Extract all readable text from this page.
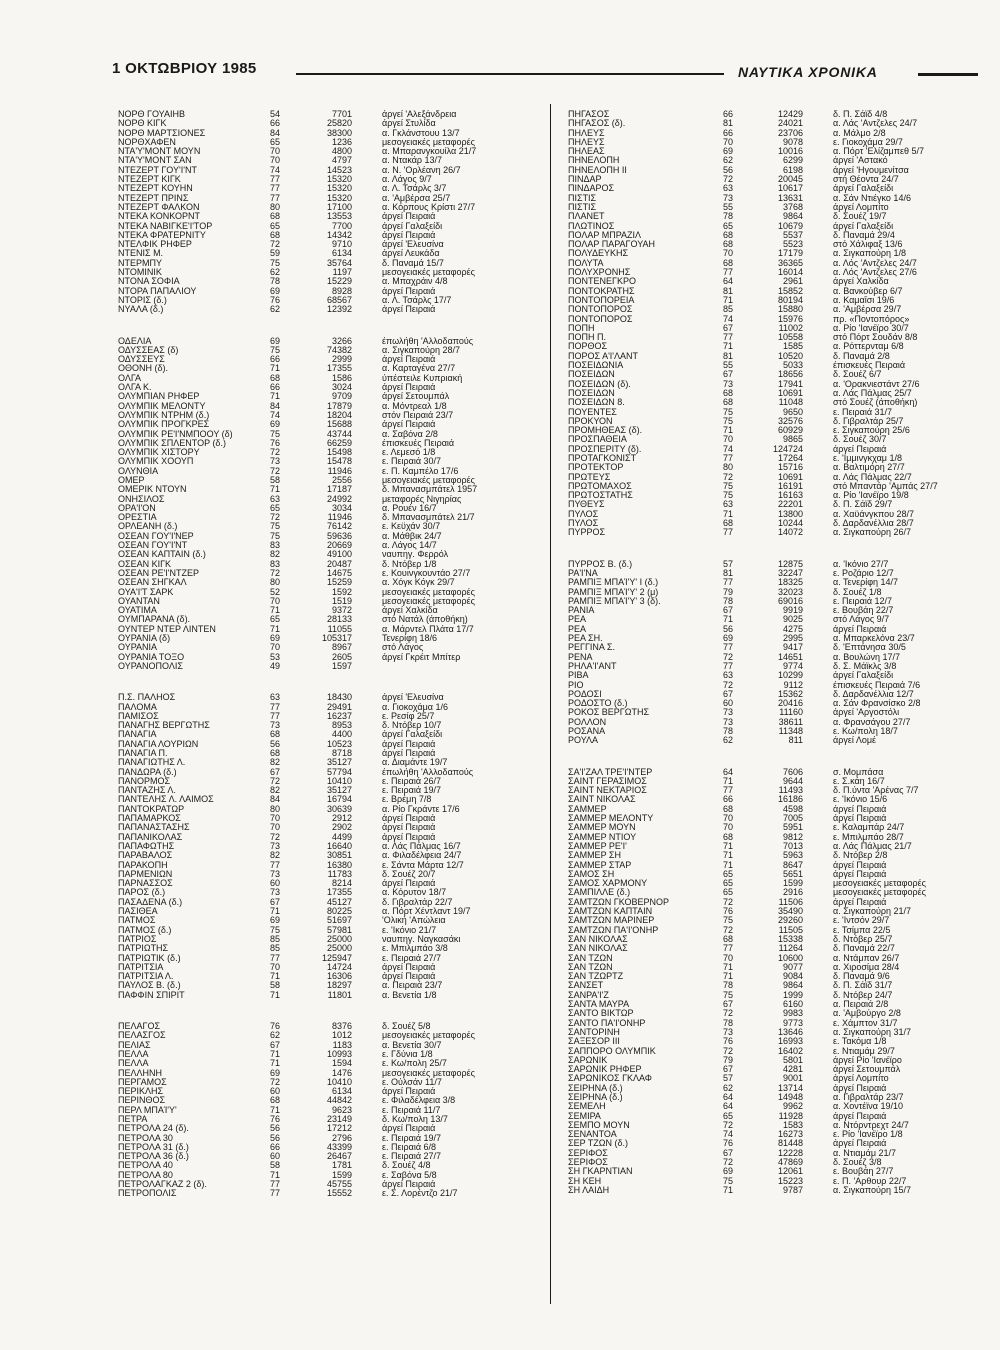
1 ΟΚΤΩΒΡΙΟΥ 1985	ΝΑΥΤΙΚΑ ΧΡΟΝΙΚΑ
ΝΟΡΘ ΓΟΥΑΙΗΒ	54	7701	άργεί 'Αλεξάνδρεια
ΝΟΡΘ ΚΙΓΚ	66	25820	άργεί Στυλίδα
ΝΟΡΘ ΜΑΡΤΣΙΟΝΕΣ	84	38300	α. Γκλάνστουυ 13/7
ΝΟΡΘΧΑΦΕΝ	65	1236	μεσογειακές μεταφορές
ΝΤΑ'Υ'ΜΟΝΤ ΜΟΥΝ	70	4800	α. Μπαρανγκουίλα 21/7
ΝΤΑ'Υ'ΜΟΝΤ ΣΑΝ	70	4797	α. Ντακάρ 13/7
ΝΤΕΖΕΡΤ ΓΟΥ'Ι'ΝΤ	74	14523	α. Ν. 'Ορλέανη 26/7
ΝΤΕΖΕΡΤ ΚΙΓΚ	77	15320	α. Λάγος 9/7
ΝΤΕΖΕΡΤ ΚΟΥΗΝ	77	15320	α. Λ. Τσάρλς 3/7
ΝΤΕΖΕΡΤ ΠΡΙΝΣ	77	15320	α. 'Αμβέρσα 25/7
ΝΤΕΖΕΡΤ ΦΑΛΚΟΝ	80	17100	α. Κόρπους Κρίστι 27/7
ΝΤΕΚΑ ΚΟΝΚΟΡΝΤ	68	13553	άργεί Πειραιά
ΝΤΕΚΑ ΝΑΒΙΓΚΕ'Ι'ΤΟΡ	65	7700	άργεί Γαλαξείδι
ΝΤΕΚΑ ΦΡΑΤΕΡΝΙΤΥ	68	14342	άργεί Πειραιά
ΝΤΕΛΦΙΚ ΡΗΦΕΡ	72	9710	άργεί 'Ελευσίνα
ΝΤΕΝΙΣ Μ.	59	6134	άργεί Λευκάδα
ΝΤΕΡΜΠΥ	75	35764	δ. Παναμά 15/7
ΝΤΟΜΙΝΙΚ	62	1197	μεσογειακές μεταφορές
ΝΤΟΝΑ ΣΟΦΙΑ	78	15229	α. Μπαχράιν 4/8
ΝΤΟΡΑ ΠΑΠΑΛΙΟΥ	69	8928	άργεί Πειραιά
ΝΤΟΡΙΣ (δ.)	76	68567	α. Λ. Τσάρλς 17/7
ΝΥΑΛΑ (δ.)	62	12392	άργεί Πειραιά
ΟΔΕΛΙΑ	69	3266	έπωλήθη 'Αλλοδαπούς
ΟΔΥΣΣΕΑΣ (δ)	75	74382	α. Σιγκαπούρη 28/7
ΟΔΥΣΣΕΥΣ	66	2999	άργεί Πειραιά
ΟΘΟΝΗ (δ).	71	17355	α. Καρταγένα 27/7
ΟΛΓΑ	68	1586	ύπέστειλε Κυπριακή
ΟΛΓΑ Κ.	66	3024	άργεί Πειραιά
ΟΛΥΜΠΙΑΝ ΡΗΦΕΡ	71	9709	άργεί Σετουμπάλ
ΟΛΥΜΠΙΚ ΜΕΛΟΝΤΥ	84	17879	α. Μόντρεαλ 1/8
ΟΛΥΜΠΙΚ ΝΤΡΗΜ (δ.)	74	18204	στόν Πειραιά 23/7
ΟΛΥΜΠΙΚ ΠΡΟΓΚΡΕΣ	69	15688	άργεί Πειραιά
ΟΛΥΜΠΙΚ ΡΕ'Ι'ΝΜΠΟΟΥ (δ)	75	43744	α. Σαβόνα 2/8
ΟΛΥΜΠΙΚ ΣΠΛΕΝΤΟΡ (δ.)	76	66259	έπισκευές Πειραιά
ΟΛΥΜΠΙΚ ΧΙΣΤΟΡΥ	72	15498	ε. Λεμεσό 1/8
ΟΛΥΜΠΙΚ ΧΟΟΥΠ	73	15478	ε. Πειραιά 30/7
ΟΛΥΝΘΙΑ	72	11946	ε. Π. Καμπέλο 17/6
ΟΜΕΡ	58	2556	μεσογειακές μεταφορές
ΟΜΕΡΙΚ ΝΤΟΥΝ	71	17187	δ. Μπανασμπάτελ 1957
ΟΝΗΣΙΛΟΣ	63	24992	μεταφορές Νιγηρίας
ΟΡΑ'Ι'ΟΝ	65	3034	α. Ρουέν 16/7
ΟΡΕΣΤΙΑ	72	11946	δ. Μπανασμπάτελ 21/7
ΟΡΛΕΑΝΗ (δ.)	75	76142	ε. Κεϋχάν 30/7
ΟΣΕΑΝ ΓΟΥ'Ι'ΝΕΡ	75	59636	α. Μάθβικ 24/7
ΟΣΕΑΝ ΓΟΥ'Ι'ΝΤ	83	20669	α. Λάγος 14/7
ΟΣΕΑΝ ΚΑΠΤΑΙΝ (δ.)	82	49100	ναυπηγ. Φερρόλ
ΟΣΕΑΝ ΚΙΓΚ	83	20487	δ. Ντόβερ 1/8
ΟΣΕΑΝ ΡΕ'Ι'ΝΤΖΕΡ	72	14675	ε. Κουινγκουντάο 27/7
ΟΣΕΑΝ ΣΗΓΚΑΛ	80	15259	α. Χόγκ Κόγκ 29/7
ΟΥΑ'Ι'Τ ΣΑΡΚ	52	1592	μεσογειακές μεταφορές
ΟΥΑΝΤΑΝ	70	1519	μεσογειακές μεταφορές
ΟΥΑΤΙΜΑ	71	9372	άργεί Χαλκίδα
ΟΥΜΠΑΡΑΝΑ (δ).	65	28133	στό Νατάλ (άποθήκη)
ΟΥΝΤΕΡ ΝΤΕΡ ΛΙΝΤΕΝ	71	11055	α. Μάρντελ Πλάτα 17/7
ΟΥΡΑΝΙΑ (δ)	69	105317	Τενερίφη 18/6
ΟΥΡΑΝΙΑ	70	8967	στό Λάγος
ΟΥΡΑΝΙΑ ΤΟΞΟ	53	2605	άργεί Γκρέιτ Μπίτερ
ΟΥΡΑΝΟΠΟΛΙΣ	49	1597
Π.Σ. ΠΑΛΗΟΣ	63	18430	άργεί 'Ελευσίνα
ΠΑΛΟΜΑ	77	29491	α. Γιοκοχάμα 1/6
ΠΑΜΙΣΟΣ	77	16237	ε. Ρεσίφ 25/7
ΠΑΝΑΓΗΣ ΒΕΡΓΩΤΗΣ	73	8953	δ. Ντόβερ 10/7
ΠΑΝΑΓΙΑ	68	4400	άργεί Γαλαξείδι
ΠΑΝΑΓΙΑ ΛΟΥΡΙΩΝ	56	10523	άργεί Πειραιά
ΠΑΝΑΓΙΑ Π.	68	8718	άργεί Πειραιά
ΠΑΝΑΓΙΩΤΗΣ Λ.	82	35127	α. Διαμάντε 19/7
ΠΑΝΔΩΡΑ (δ.)	67	57794	έπωλήθη 'Αλλοδαπούς
ΠΑΝΟΡΜΟΣ	72	10410	ε. Πειραιά 26/7
ΠΑΝΤΑΖΗΣ Λ.	82	35127	ε. Πειραιά 19/7
ΠΑΝΤΕΛΗΣ Λ. ΛΑΙΜΟΣ	84	16794	ε. Βρέμη 7/8
ΠΑΝΤΟΚΡΑΤΩΡ	80	30639	α. Ρίο Γκράντε 17/6
ΠΑΠΑΜΑΡΚΟΣ	70	2912	άργεί Πειραιά
ΠΑΠΑΝΑΣΤΑΣΗΣ	70	2902	άργεί Πειραιά
ΠΑΠΑΝΙΚΟΛΑΣ	72	4499	άργεί Πειραιά
ΠΑΠΑΦΩΤΗΣ	73	16640	α. Λάς Πάλμας 16/7
ΠΑΡΑΒΑΛΟΣ	82	30851	α. Φιλαδέλφεια 24/7
ΠΑΡΑΚΟΠΗ	77	16380	ε. Σάντα Μάρτα 12/7
ΠΑΡΜΕΝΙΩΝ	73	11783	δ. Σουέζ 20/7
ΠΑΡΝΑΣΣΟΣ	60	8214	άργεί Πειραιά
ΠΑΡΟΣ (δ.)	73	17355	α. Κόρυτον 18/7
ΠΑΣΑΔΕΝΑ (δ.)	67	45127	δ. Γιβραλτάρ 22/7
ΠΑΣΙΘΕΑ	71	80225	α. Πόρτ Χέντλαντ 19/7
ΠΑΤΜΟΣ	69	51697	'Ολική 'Απώλεια
ΠΑΤΜΟΣ (δ.)	75	57981	ε. 'Ικόνιο 21/7
ΠΑΤΡΙΟΣ	85	25000	ναυπηγ. Ναγκασάκι
ΠΑΤΡΙΩΤΗΣ	85	25000	ε. Μπιλμπάο 3/8
ΠΑΤΡΙΩΤΙΚ (δ.)	77	125947	ε. Πειραιά 27/7
ΠΑΤΡΙΤΣΙΑ	70	14724	άργεί Πειραιά
ΠΑΤΡΙΤΣΙΑ Λ.	71	16306	άργεί Πειραιά
ΠΑΥΛΟΣ Β. (δ.)	58	18297	α. Πειραιά 23/7
ΠΑΦΦΙΝ ΣΠΙΡΙΤ	71	11801	α. Βενετία 1/8
ΠΕΛΑΓΟΣ	76	8376	δ. Σουέζ 5/8
ΠΕΛΑΣΓΟΣ	62	1012	μεσογειακές μεταφορές
ΠΕΛΙΑΣ	67	1183	α. Βενετία 30/7
ΠΕΛΛΑ	71	10993	ε. Γδύνια 1/8
ΠΕΛΛΑ	71	1594	ε. Κω/πολη 25/7
ΠΕΛΛΗΝΗ	69	1476	μεσογειακές μεταφορές
ΠΕΡΓΑΜΟΣ	72	10410	ε. Ούλσάν 11/7
ΠΕΡΙΚΛΗΣ	60	6134	άργεί Πειραιά
ΠΕΡΙΝΘΟΣ	68	44842	ε. Φιλαδέλφεια 3/8
ΠΕΡΛ ΜΠΑΊ'Υ'	71	9623	ε. Πειραιά 11/7
ΠΕΤΡΑ	76	23149	δ. Κω/πολη 13/7
ΠΕΤΡΟΛΑ 24 (δ).	56	17212	άργεί Πειραιά
ΠΕΤΡΟΛΑ 30	56	2796	ε. Πειραιά 19/7
ΠΕΤΡΟΛΑ 31 (δ.)	66	43399	ε. Πειραιά 6/8
ΠΕΤΡΟΛΑ 36 (δ.)	60	26467	ε. Πειραιά 27/7
ΠΕΤΡΟΛΑ 40	58	1781	δ. Σουέζ 4/8
ΠΕΤΡΟΛΑ 80	71	1599	ε. Σαβόνα 5/8
ΠΕΤΡΟΛΑΓΚΑΖ 2 (δ).	77	45755	άργεί Πειραιά
ΠΕΤΡΟΠΟΛΙΣ	77	15552	ε. Σ. Λορέντζο 21/7
ΠΗΓΑΣΟΣ	66	12429	δ. Π. Σάϊδ 4/8
ΠΗΓΑΣΟΣ (δ).	81	24021	α. Λάς 'Αντζελες 24/7
ΠΗΛΕΥΣ	66	23706	α. Μάλμο 2/8
ΠΗΛΕΥΣ	70	9078	ε. Γιοκοχάμα 29/7
ΠΗΛΕΑΣ	69	10016	α. Πόρτ 'Ελίζαμπεθ 5/7
ΠΗΝΕΛΟΠΗ	62	6299	άργεί 'Αστακό
ΠΗΝΕΛΟΠΗ ΙΙ	56	6198	άργεί 'Ηγουμενίτσα
ΠΙΝΔΑΡ	72	20045	στή Θέοντα 24/7
ΠΙΝΔΑΡΟΣ	63	10617	άργεί Γαλαξείδι
ΠΙΣΤΙΣ	73	13631	α. Σάν Ντιέγκο 14/6
ΠΙΣΤΙΣ	55	3768	άργεί Λομπίτο
ΠΛΑΝΕΤ	78	9864	δ. Σουέζ 19/7
ΠΛΩΤΙΝΟΣ	65	10679	άργεί Γαλαξείδι
ΠΟΛΑΡ ΜΠΡΑΖΙΛ	68	5537	δ. Παναμά 29/4
ΠΟΛΑΡ ΠΑΡΑΓΟΥΑΗ	68	5523	στό Χάλιφαξ 13/6
ΠΟΛΥΔΕΥΚΗΣ	70	17179	α. Σιγκαπούρη 1/8
ΠΟΛΥΤΑ	68	36365	α. Λός 'Αντζελες 24/7
ΠΟΛΥΧΡΟΝΗΣ	77	16014	α. Λός 'Αντζελες 27/6
ΠΟΝΤΕΝΕΓΚΡΟ	64	2961	άργεί Χαλκίδα
ΠΟΝΤΟΚΡΑΤΗΣ	81	15852	α. Βανκούβερ 6/7
ΠΟΝΤΟΠΟΡΕΙΑ	71	80194	α. Καμαΐσι 19/6
ΠΟΝΤΟΠΟΡΟΣ	85	15880	α. 'Αμβέρσα 29/7
ΠΟΝΤΟΠΟΡΟΣ	74	15976	πρ. «Ποντοπόρος»
ΠΟΠΗ	67	11002	α. Ρίο 'Ιανέϊρο 30/7
ΠΟΠΗ Π.	77	10558	στό Πόρτ Σουδάν 8/8
ΠΟΡΘΟΣ	71	1585	α. Ρόττερνταμ 6/8
ΠΟΡΟΣ Α'Ι'ΛΑΝΤ	81	10520	δ. Παναμά 2/8
ΠΟΣΕΙΔΩΝΙΑ	55	5033	έπισκευές Πειραιά
ΠΟΣΕΙΔΩΝ	67	18656	δ. Σουέζ 6/7
ΠΟΣΕΙΔΩΝ (δ).	73	17941	α. 'Ορακνιεστάντ 27/6
ΠΟΣΕΙΔΩΝ	68	10691	α. Λάς Πάλμας 25/7
ΠΟΣΕΙΔΩΝ 8.	68	11048	στό Σουέζ (άποθήκη)
ΠΟΥΕΝΤΕΣ	75	9650	ε. Πειραιά 31/7
ΠΡΟΚΥΟΝ	75	32576	δ. Γιβραλτάρ 25/7
ΠΡΟΜΗΘΕΑΣ (δ).	71	60929	ε. Σιγκαπούρη 25/6
ΠΡΟΣΠΑΘΕΙΑ	70	9865	δ. Σουέζ 30/7
ΠΡΟΣΠΕΡΙΤΥ (δ).	74	124724	άργεί Πειραιά
ΠΡΟΤΑΓΚΟΝΙΣΤ	77	17264	ε. 'Ιμμινγκχαμ 1/8
ΠΡΟΤΕΚΤΟΡ	80	15716	α. Βαλτιμόρη 27/7
ΠΡΩΤΕΥΣ	72	10691	α. Λάς Πάλμας 22/7
ΠΡΩΤΟΜΑΧΟΣ	75	16191	στό Μπαντάρ 'Αμπάς 27/7
ΠΡΩΤΟΣΤΑΤΗΣ	75	16163	α. Ρίο 'Ιανέϊρο 19/8
ΠΥΘΕΥΣ	63	22201	δ. Π. Σάϊδ 29/7
ΠΥΛΟΣ	71	13800	α. Χαϋάνγκπου 28/7
ΠΥΛΟΣ	68	10244	δ. Δαρδανέλλια 28/7
ΠΥΡΡΟΣ	77	14072	α. Σιγκαπούρη 26/7
ΠΥΡΡΟΣ Β. (δ.)	57	12875	α. 'Ικόνιο 27/7
ΡΑ'Ι'ΝΑ	81	32247	ε. Ροζάριο 12/7
ΡΑΜΠΙΞ ΜΠΑΊ'Υ' Ι (δ.)	77	18325	α. Τενερίφη 14/7
ΡΑΜΠΙΞ ΜΠΑΊ'Υ' 2 (μ)	79	32023	δ. Σουέζ 1/8
ΡΑΜΠΙΞ ΜΠΑΊ'Υ' 3 (δ).	78	69016	ε. Πειραιά 12/7
ΡΑΝΙΑ	67	9919	ε. Βουβάη 22/7
ΡΕΑ	71	9025	στό Λάγος 9/7
ΡΕΑ	56	4275	άργεί Πειραιά
ΡΕΑ ΣΗ.	69	2995	α. Μπαρκελόνα 23/7
ΡΕΓΓΙΝΑ Σ.	77	9417	δ. 'Επτάνησα 30/5
ΡΕΝΑ	72	14651	α. Βουλώνη 17/7
ΡΗΛΑ'Ι'ΑΝΤ	77	9774	δ. Σ. Μάϊκλς 3/8
ΡΙΒΑ	63	10299	άργεί Γαλαξείδι
ΡΙΟ	72	9112	έπισκευές Πειραιά 7/6
ΡΟΔΟΣΙ	67	15362	δ. Δαρδανέλλια 12/7
ΡΟΔΟΣΤΟ (δ.)	60	20416	α. Σάν Φρανσίσκο 2/8
ΡΟΚΟΣ ΒΕΡΓΩΤΗΣ	73	11160	άργεί 'Αργοστόλι
ΡΟΛΛΟΝ	73	38611	α. Φρανσάγου 27/7
ΡΟΣΑΝΑ	78	11348	ε. Κω/πολη 18/7
ΡΟΥΛΑ	62	811	άργεί Λομέ
ΣΑ'Ι'ΖΑΛ ΤΡΕ'Ι'ΝΤΕΡ	64	7606	σ. Μομπάσα
ΣΑΙΝΤ ΓΕΡΑΣΙΜΟΣ	71	9644	ε. Σ.κάη 16/7
ΣΑΙΝΤ ΝΕΚΤΑΡΙΟΣ	77	11493	δ. Π.ύντα 'Αρένας 7/7
ΣΑΙΝΤ ΝΙΚΟΛΑΣ	66	16186	ε. 'Ικόνιο 15/6
ΣΑΜΜΕΡ	68	4598	άργεί Πειραιά
ΣΑΜΜΕΡ ΜΕΛΟΝΤΥ	70	7005	άργεί Πειραιά
ΣΑΜΜΕΡ ΜΟΥΝ	70	5951	ε. Καλαμπάρ 24/7
ΣΑΜΜΕΡ ΝΤΙΟΥ	68	9812	ε. Μπιλμπάο 28/7
ΣΑΜΜΕΡ ΡΕ'Ι'	71	7013	α. Λάς Πάλμας 21/7
ΣΑΜΜΕΡ ΣΗ	71	5963	δ. Ντόβερ 2/8
ΣΑΜΜΕΡ ΣΤΑΡ	71	8647	άργεί Πειραιά
ΣΑΜΟΣ ΣΗ	65	5651	άργεί Πειραιά
ΣΑΜΟΣ ΧΑΡΜΟΝΥ	65	1599	μεσογειακές μεταφορές
ΣΑΜΠΙΛΛΕ (δ.)	65	2916	μεσογειακές μεταφορές
ΣΑΜΤΖΩΝ ΓΚΟΒΕΡΝΟΡ	72	11506	άργεί Πειραιά
ΣΑΜΤΖΩΝ ΚΑΠΤΑΙΝ	76	35490	α. Σιγκαπούρη 21/7
ΣΑΜΤΖΩΝ ΜΑΡΙΝΕΡ	75	29260	ε. 'Ιντσόν 29/7
ΣΑΜΤΖΩΝ ΠΑ'Ι'ΟΝΗΡ	72	11505	ε. Τσίμπα 22/5
ΣΑΝ ΝΙΚΟΛΑΣ	68	15338	δ. Ντόβερ 25/7
ΣΑΝ ΝΙΚΟΛΑΣ	77	11264	δ. Παναμά 22/7
ΣΑΝ ΤΖΩΝ	70	10600	α. Ντάμπαν 26/7
ΣΑΝ ΤΖΩΝ	71	9077	α. Χιροσίμα 28/4
ΣΑΝ ΤΖΩΡΤΖ	71	9084	δ. Παναμά 9/6
ΣΑΝΣΕΤ	78	9864	δ. Π. Σάϊδ 31/7
ΣΑΝΡΑ'Ι'Ζ	75	1999	δ. Ντόβερ 24/7
ΣΑΝΤΑ ΜΑΥΡΑ	67	6160	α. Πειραιά 2/8
ΣΑΝΤΟ ΒΙΚΤΩΡ	72	9983	α. 'Αμβούργο 2/8
ΣΑΝΤΟ ΠΑ'Ι'ΟΝΗΡ	78	9773	ε. Χάμπτον 31/7
ΣΑΝΤΟΡΙΝΗ	73	13646	α. Σιγκαπούρη 31/7
ΣΑΞΕΣΟΡ ΙΙΙ	76	16993	ε. Τακόμα 1/8
ΣΑΠΠΟΡΟ ΟΛΥΜΠΙΚ	72	16402	ε. Ντιαμάμ 29/7
ΣΑΡΩΝΙΚ	79	5801	άργεί Ρίο 'Ιανέϊρο
ΣΑΡΩΝΙΚ ΡΗΦΕΡ	67	4281	άργεί Σετουμπάλ
ΣΑΡΩΝΙΚΟΣ ΓΚΛΑΦ	57	9001	άργεί Λομπίτο
ΣΕΙΡΗΝΑ (δ.)	62	13714	άργεί Πειραιά
ΣΕΙΡΗΝΑ (δ.)	64	14948	α. Γιβραλτάρ 23/7
ΣΕΜΕΛΗ	64	9962	α. Χοντέϊνα 19/10
ΣΕΜΙΡΑ	65	11928	άργεί Πειραιά
ΣΕΜΠΟ ΜΟΥΝ	72	1583	α. Ντόρντρεχτ 24/7
ΣΕΝΑΝΤΟΑ	74	16273	ε. Ρίο 'Ιανέϊρο 1/8
ΣΕΡ ΤΖΩΝ (δ.)	76	81448	άργεί Πειραιά
ΣΕΡΙΦΟΣ	67	12228	α. Ντιαμάμ 21/7
ΣΕΡΙΦΟΣ	72	47869	δ. Σουέζ 3/8
ΣΗ ΓΚΑΡΝΤΙΑΝ	69	12061	ε. Βουβάη 27/7
ΣΗ ΚΕΗ	75	15223	ε. Π. 'Αρθουρ 22/7
ΣΗ ΛΑΙΔΗ	71	9787	α. Σιγκαπούρη 15/7
